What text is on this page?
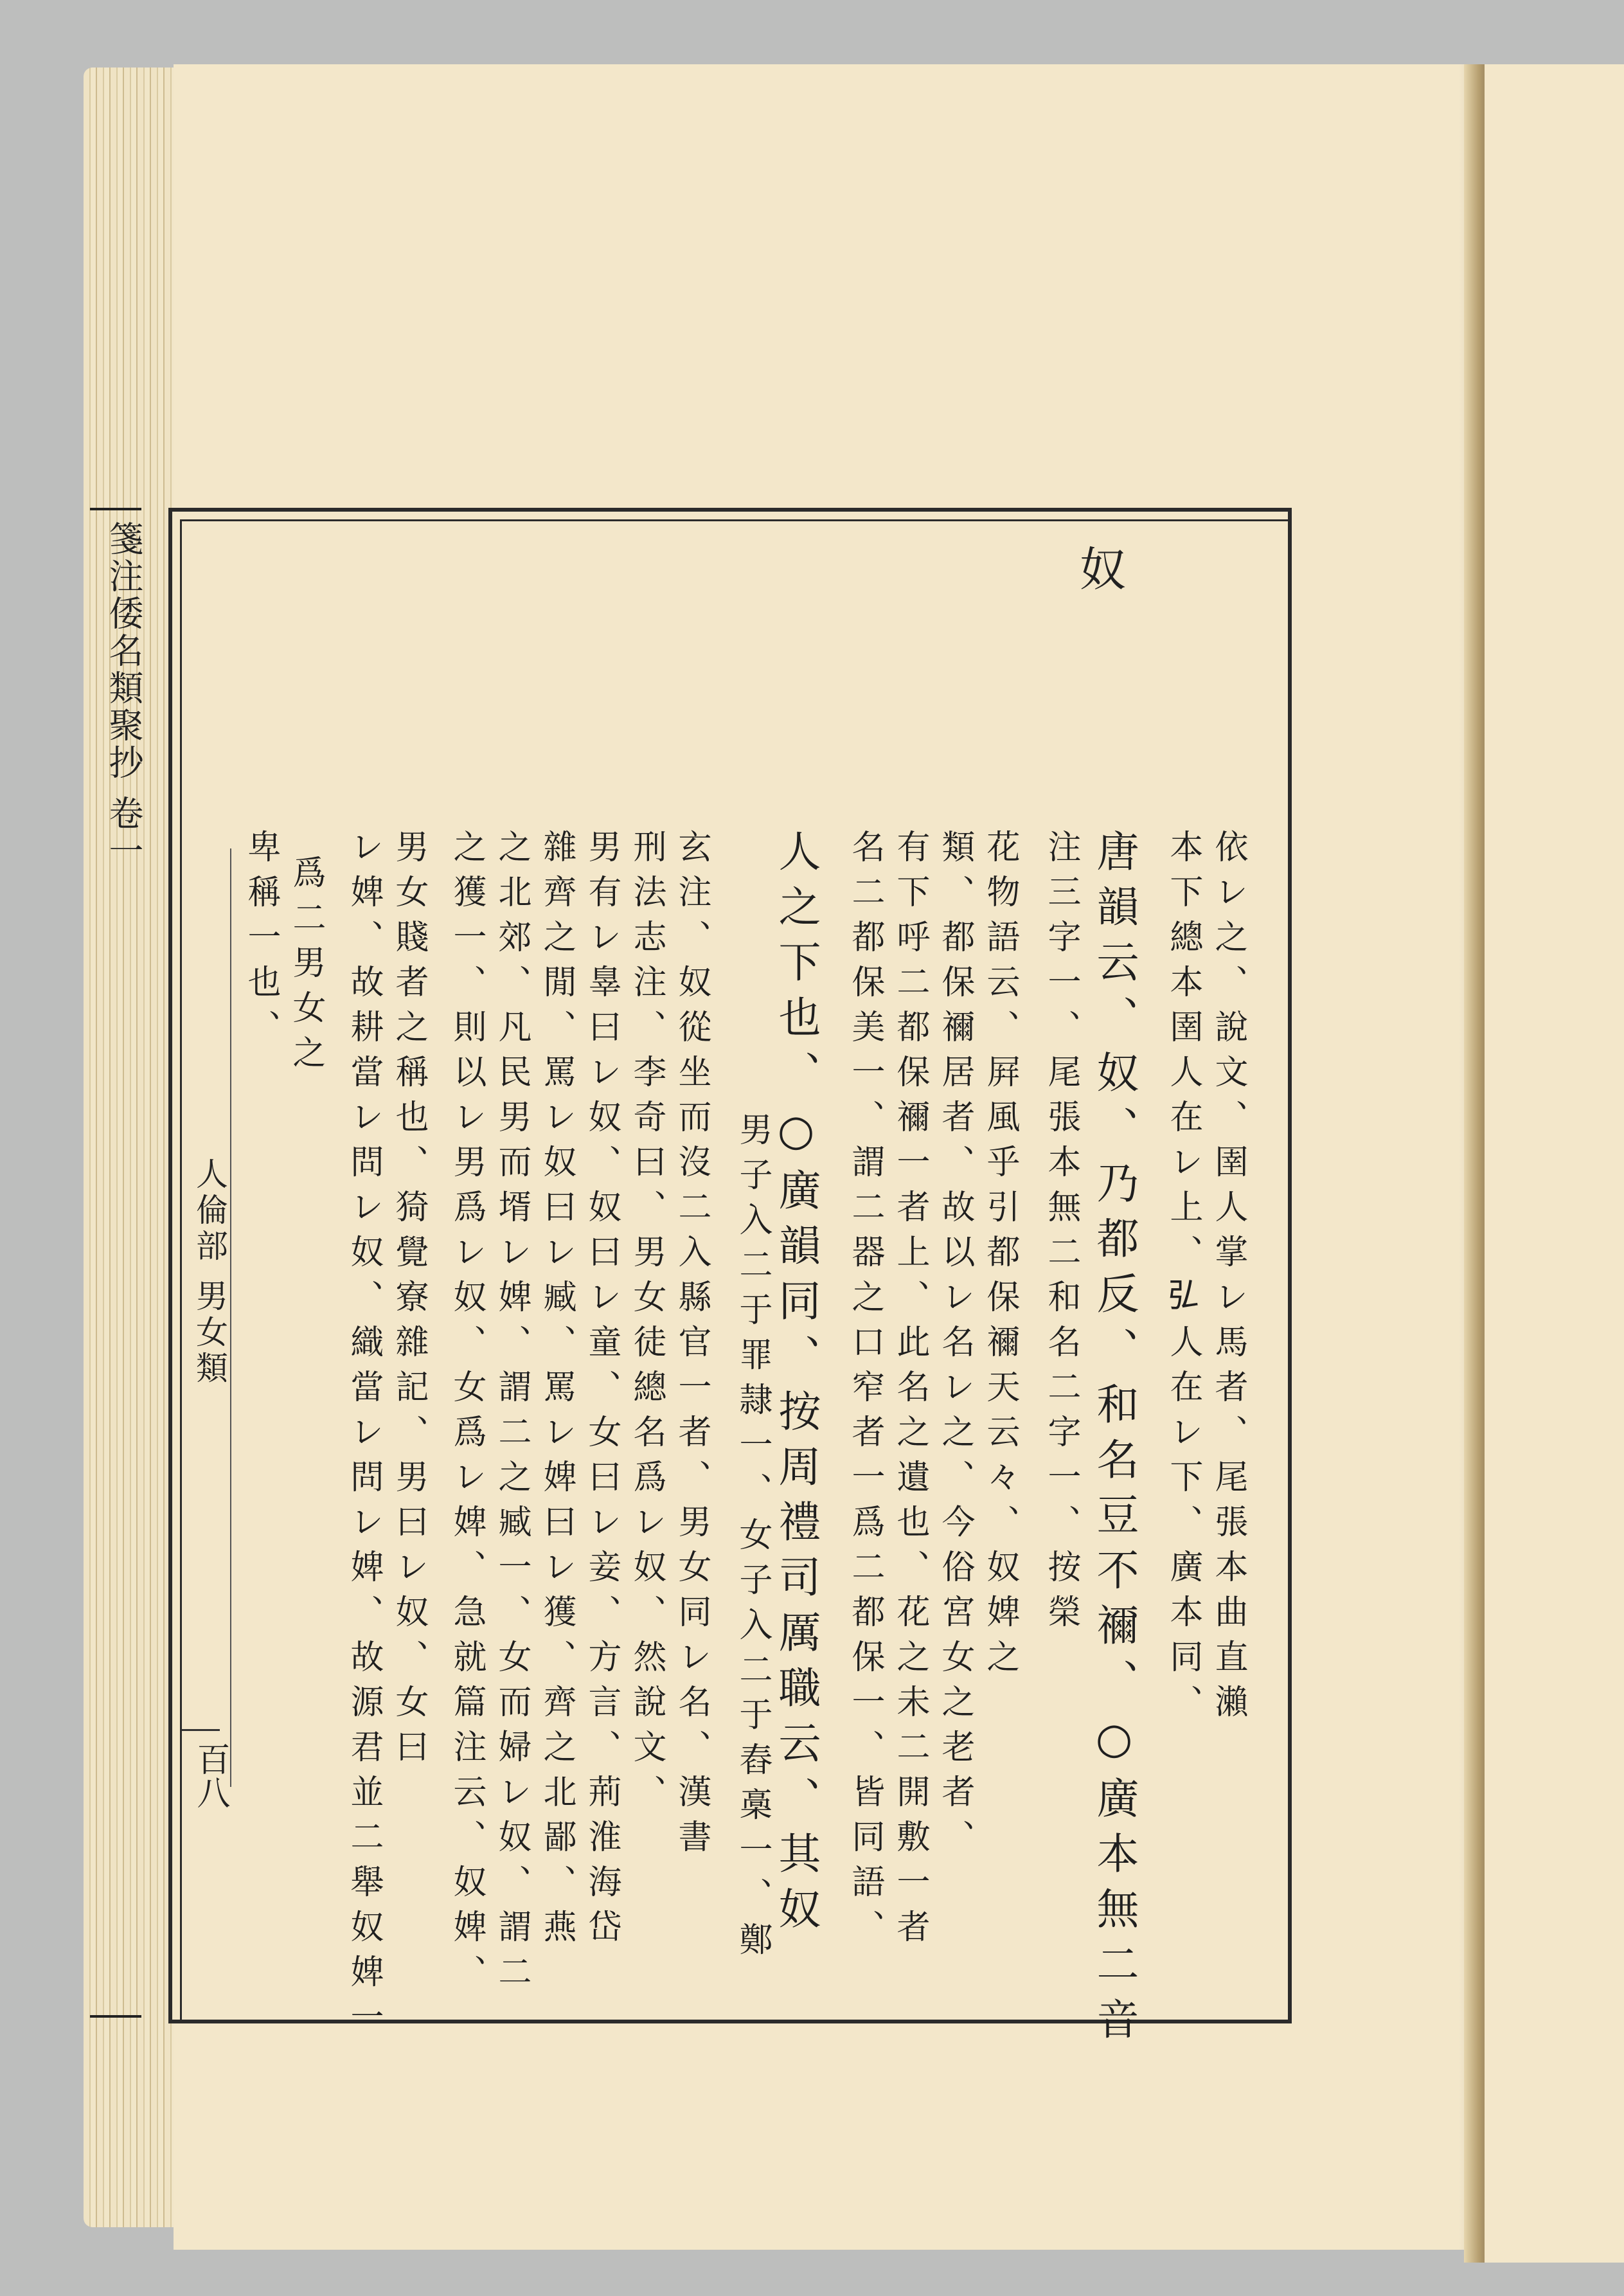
箋注倭名類聚抄 卷一
人倫部 男女類
百八
奴
依レ之、說文、圉人掌レ馬者、尾張本曲直瀨
本下總本圉人在レ上、𢎞人在レ下、廣本同、
唐韻云、奴、乃都反、和名豆不禰、○廣本無二音
注三字一、尾張本無二和名二字一、按榮
花物語云、屛風乎引都保禰天云々、奴婢之
類、都保禰居者、故以レ名レ之、今俗宮女之老者、
有下呼二都保禰一者上、此名之遺也、花之未二開敷一者
名二都保美一、謂二器之口窄者一爲二都保一、皆同語、
人之下也、○廣韻同、按周禮司厲職云、其奴
男子入二于罪隷一、女子入二于舂槀一、鄭
玄注、奴從坐而沒二入縣官一者、男女同レ名、漢書
刑法志注、李奇曰、男女徒總名爲レ奴、然說文、
男有レ辠曰レ奴、奴曰レ童、女曰レ妾、方言、荊淮海岱
雜齊之閒、罵レ奴曰レ臧、罵レ婢曰レ獲、齊之北鄙、燕
之北郊、凡民男而壻レ婢、謂二之臧一、女而婦レ奴、謂二
之獲一、則以レ男爲レ奴、女爲レ婢、急就篇注云、奴婢、
男女賤者之稱也、猗覺寮雜記、男曰レ奴、女曰
レ婢、故耕當レ問レ奴、織當レ問レ婢、故源君並二舉奴婢一
爲二男女之
卑稱一也、
